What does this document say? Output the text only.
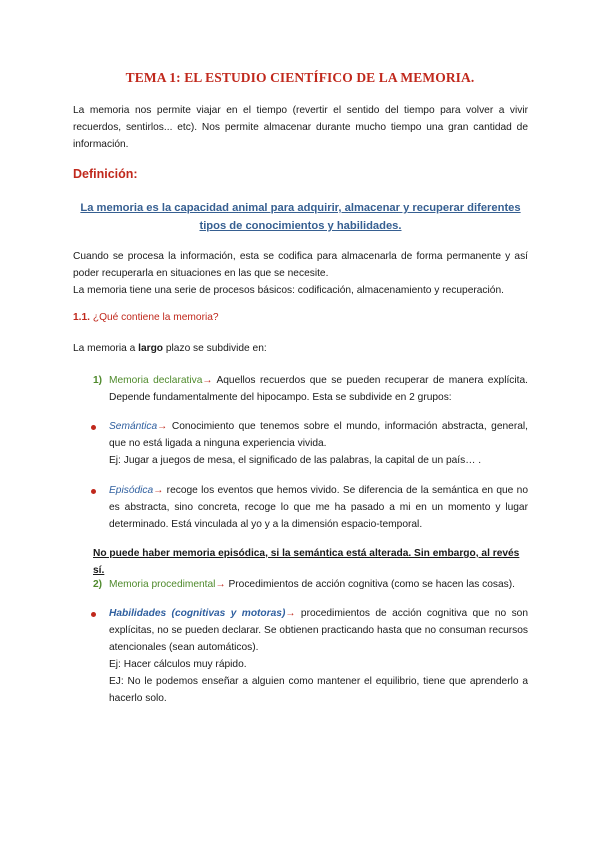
TEMA 1: EL ESTUDIO CIENTÍFICO DE LA MEMORIA.
La memoria nos permite viajar en el tiempo (revertir el sentido del tiempo para volver a vivir recuerdos, sentirlos... etc). Nos permite almacenar durante mucho tiempo una gran cantidad de información.
Definición:
La memoria es la capacidad animal para adquirir, almacenar y recuperar diferentes tipos de conocimientos y habilidades.
Cuando se procesa la información, esta se codifica para almacenarla de forma permanente y así poder recuperarla en situaciones en las que se necesite.
La memoria tiene una serie de procesos básicos: codificación, almacenamiento y recuperación.
1.1. ¿Qué contiene la memoria?
La memoria a largo plazo se subdivide en:
1) Memoria declarativa→ Aquellos recuerdos que se pueden recuperar de manera explícita. Depende fundamentalmente del hipocampo. Esta se subdivide en 2 grupos:
Semántica→ Conocimiento que tenemos sobre el mundo, información abstracta, general, que no está ligada a ninguna experiencia vivida.
Ej: Jugar a juegos de mesa, el significado de las palabras, la capital de un país… .
Episódica→ recoge los eventos que hemos vivido. Se diferencia de la semántica en que no es abstracta, sino concreta, recoge lo que me ha pasado a mi en un momento y lugar determinado. Está vinculada al yo y a la dimensión espacio-temporal.
No puede haber memoria episódica, si la semántica está alterada. Sin embargo, al revés sí.
2) Memoria procedimental→ Procedimientos de acción cognitiva (como se hacen las cosas).
Habilidades (cognitivas y motoras)→ procedimientos de acción cognitiva que no son explícitas, no se pueden declarar. Se obtienen practicando hasta que no consuman recursos atencionales (sean automáticos).
Ej: Hacer cálculos muy rápido.
EJ: No le podemos enseñar a alguien como mantener el equilibrio, tiene que aprenderlo a hacerlo solo.
